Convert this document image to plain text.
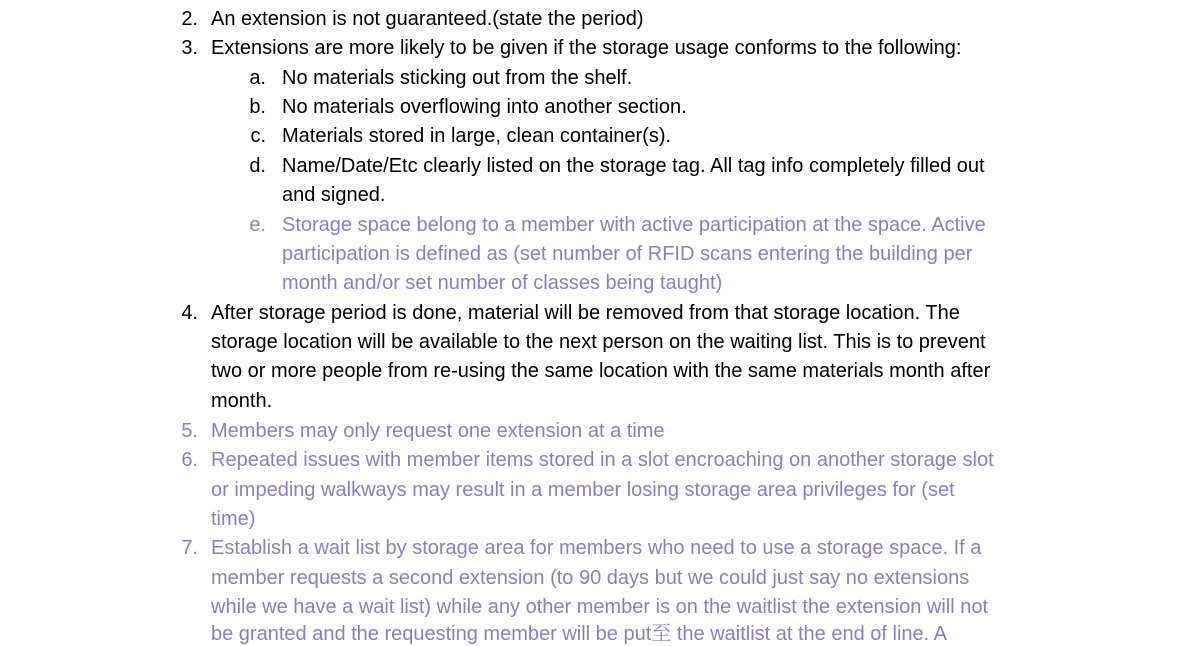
2. An extension is not guaranteed.(state the period)
3. Extensions are more likely to be given if the storage usage conforms to the following:
a. No materials sticking out from the shelf.
b. No materials overflowing into another section.
c. Materials stored in large, clean container(s).
d. Name/Date/Etc clearly listed on the storage tag. All tag info completely filled out
and signed.
e. Storage space belong to a member with active participation at the space. Active
participation is defined as (set number of RFID scans entering the building per
month and/or set number of classes being taught)
4. After storage period is done, material will be removed from that storage location. The
storage location will be available to the next person on the waiting list. This is to prevent
two or more people from re-using the same location with the same materials month after
month.
5. Members may only request one extension at a time
6. Repeated issues with member items stored in a slot encroaching on another storage slot
or impeding walkways may result in a member losing storage area privileges for (set
time)
7. Establish a wait list by storage area for members who need to use a storage space. If a
member requests a second extension (to 90 days but we could just say no extensions
while we have a wait list) while any other member is on the waitlist the extension will not
be granted and the requesting member will be put至 the waitlist at the end of line. A
